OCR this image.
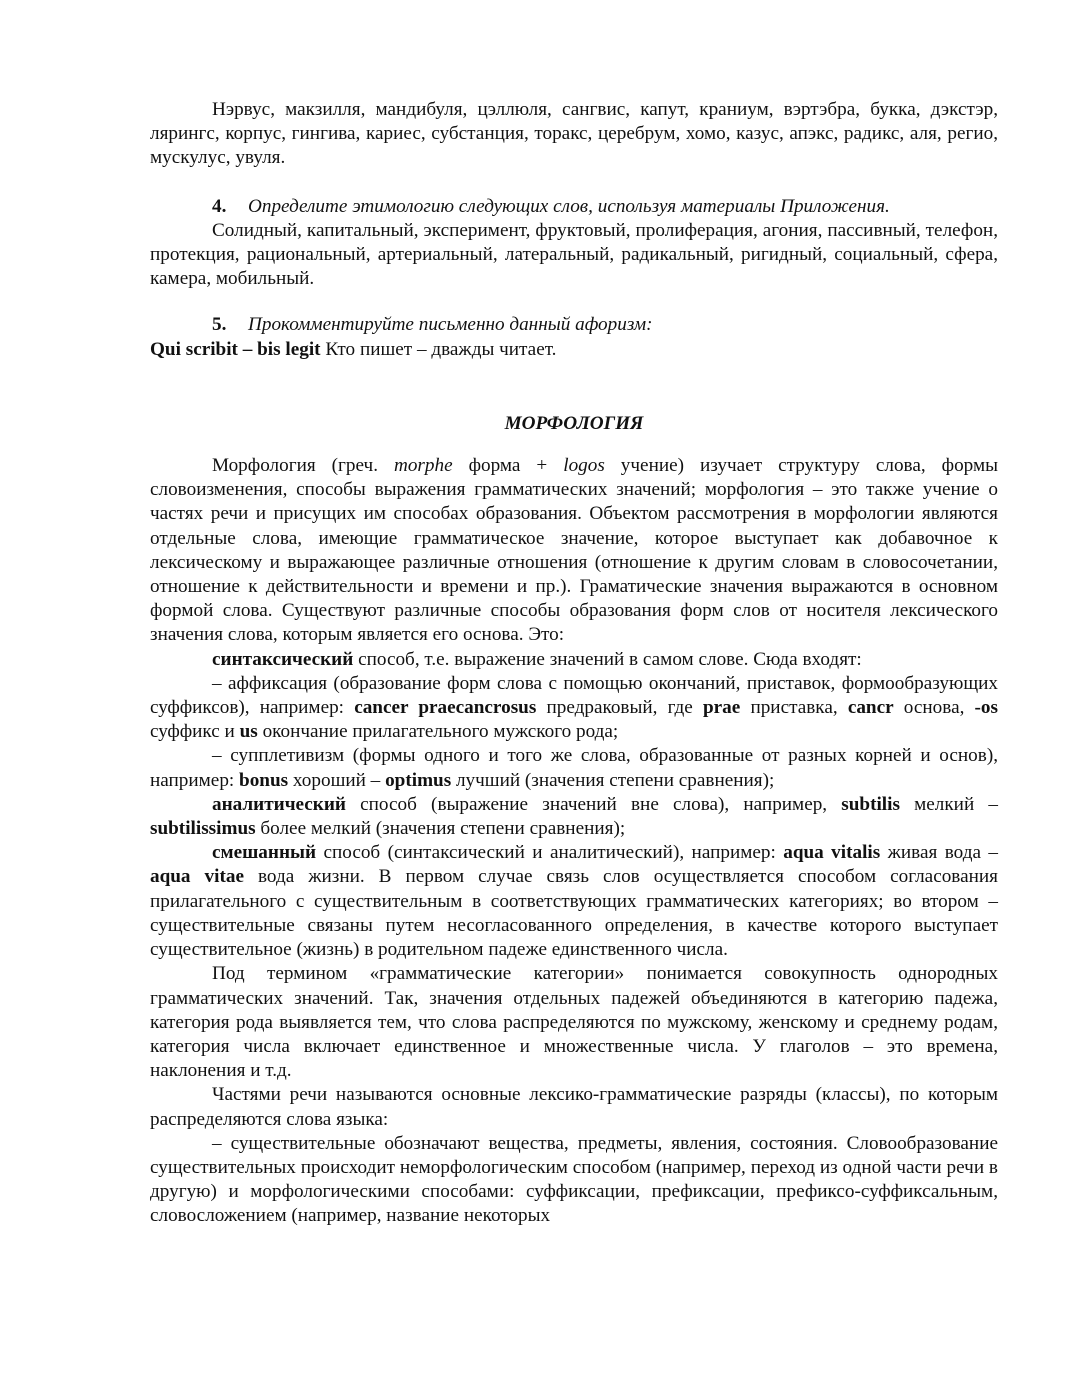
Нэрвус, макзилля, мандибуля, цэллюля, сангвис, капут, краниум, вэртэбра, букка, дэкстэр, лярингс, корпус, гингива, кариес, субстанция, торакс, церебрум, хомо, казус, апэкс, радикс, аля, регио, мускулус, увуля.

4. Определите этимологию следующих слов, используя материалы Приложения.

Солидный, капитальный, эксперимент, фруктовый, пролиферация, агония, пассивный, телефон, протекция, рациональный, артериальный, латеральный, радикальный, ригидный, социальный, сфера, камера, мобильный.

5. Прокомментируйте письменно данный афоризм:

Qui scribit – bis legit Кто пишет – дважды читает.

МОРФОЛОГИЯ

Морфология (греч. morphe форма + logos учение) изучает структуру слова, формы словоизменения, способы выражения грамматических значений; морфология – это также учение о частях речи и присущих им способах образования. Объектом рассмотрения в морфологии являются отдельные слова, имеющие грамматическое значение, которое выступает как добавочное к лексическому и выражающее различные отношения (отношение к другим словам в словосочетании, отношение к действительности и времени и пр.). Граматические значения выражаются в основном формой слова. Существуют различные способы образования форм слов от носителя лексического значения слова, которым является его основа. Это:

синтаксический способ, т.е. выражение значений в самом слове. Сюда входят:

– аффиксация (образование форм слова с помощью окончаний, приставок, формообразующих суффиксов), например: cancer praecancrosus предраковый, где prae приставка, cancr основа, -os суффикс и us окончание прилагательного мужского рода;

– супплетивизм (формы одного и того же слова, образованные от разных корней и основ), например: bonus хороший – optimus лучший (значения степени сравнения);

аналитический способ (выражение значений вне слова), например, subtilis мелкий – subtilissimus более мелкий (значения степени сравнения);

смешанный способ (синтаксический и аналитический), например: aqua vitalis живая вода – aqua vitae вода жизни. В первом случае связь слов осуществляется способом согласования прилагательного с существительным в соответствующих грамматических категориях; во втором – существительные связаны путем несогласованного определения, в качестве которого выступает существительное (жизнь) в родительном падеже единственного числа.

Под термином «грамматические категории» понимается совокупность однородных грамматических значений. Так, значения отдельных падежей объединяются в категорию падежа, категория рода выявляется тем, что слова распределяются по мужскому, женскому и среднему родам, категория числа включает единственное и множественные числа. У глаголов – это времена, наклонения и т.д.

Частями речи называются основные лексико-грамматические разряды (классы), по которым распределяются слова языка:

– существительные обозначают вещества, предметы, явления, состояния. Словообразование существительных происходит неморфологическим способом (например, переход из одной части речи в другую) и морфологическими способами: суффиксации, префиксации, префиксо-суффиксальным, словосложением (например, название некоторых
